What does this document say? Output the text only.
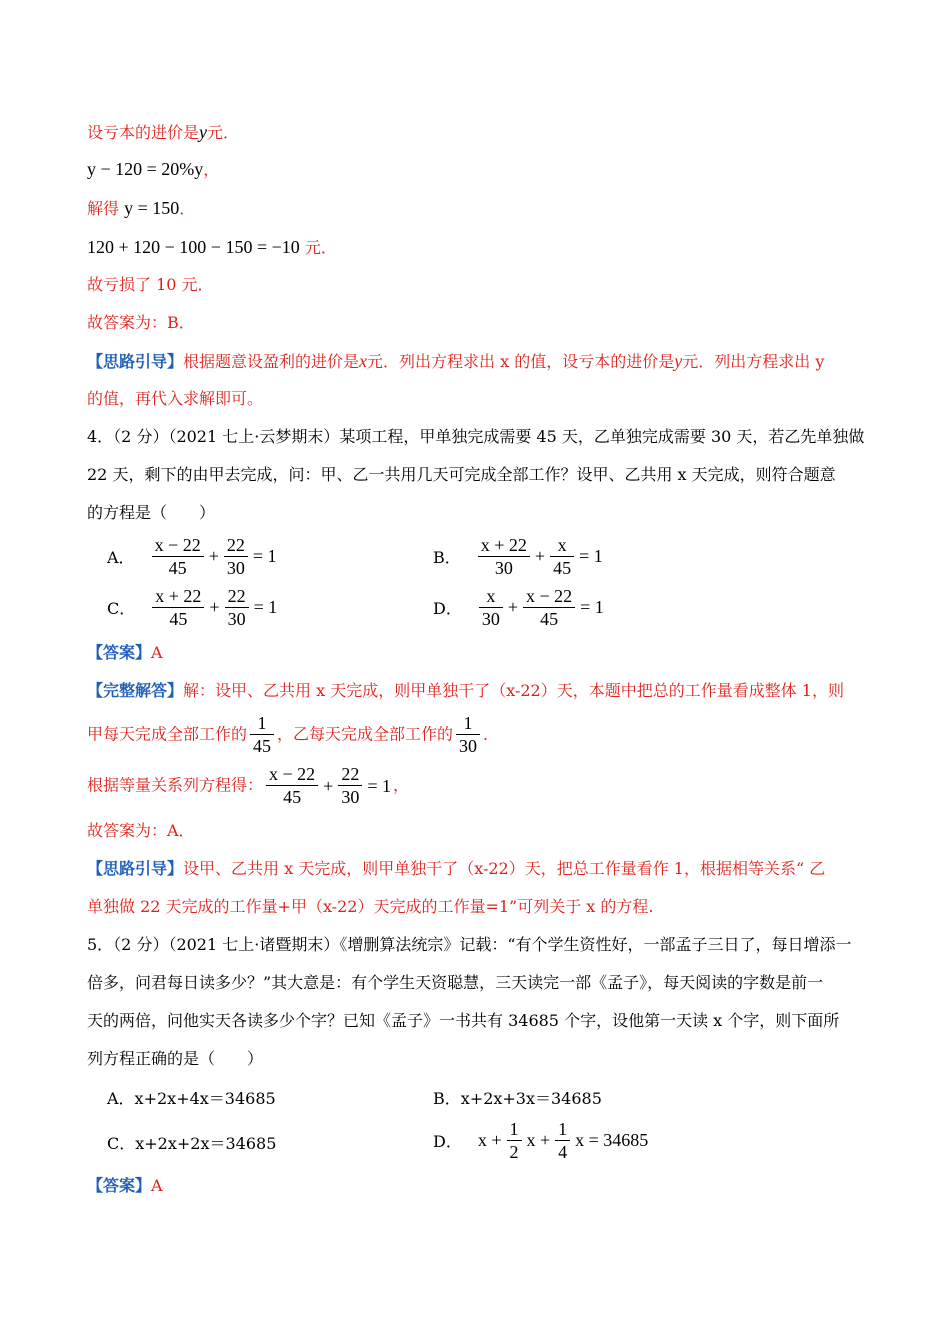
设亏本的进价是y元．
y − 120 = 20%y，
解得 y = 150．
120 + 120 − 100 − 150 = −10 元．
故亏损了 10 元．
故答案为：B．
【思路引导】根据题意设盈利的进价是x元．列出方程求出 x 的值，设亏本的进价是y元．列出方程求出 y
的值，再代入求解即可。
4．（2 分）（2021 七上·云梦期末）某项工程，甲单独完成需要 45 天，乙单独完成需要 30 天，若乙先单独做
22 天，剩下的由甲去完成，问：甲、乙一共用几天可完成全部工作？设甲、乙共用 x 天完成，则符合题意
的方程是（　　）
A． $\frac{x - 22}{45} + \frac{22}{30} = 1$	B． $\frac{x + 22}{30} + \frac{x}{45} = 1$
C． $\frac{x + 22}{45} + \frac{22}{30} = 1$	D． $\frac{x}{30} + \frac{x - 22}{45} = 1$
【答案】A
【完整解答】解：设甲、乙共用 x 天完成，则甲单独干了（x-22）天，本题中把总的工作量看成整体 1，则
甲每天完成全部工作的 $\frac{1}{45}$ ，乙每天完成全部工作的 $\frac{1}{30}$ ．
根据等量关系列方程得： $\frac{x - 22}{45} + \frac{22}{30} = 1$ ，
故答案为：A．
【思路引导】设甲、乙共用 x 天完成，则甲单独干了（x-22）天，把总工作量看作 1，根据相等关系“ 乙
单独做 22 天完成的工作量+甲（x-22）天完成的工作量=1”可列关于 x 的方程.
5．（2 分）（2021 七上·诸暨期末）《增删算法统宗》记载：“有个学生资性好，一部孟子三日了，每日增添一
倍多，问君每日读多少？”其大意是：有个学生天资聪慧，三天读完一部《孟子》，每天阅读的字数是前一
天的两倍，问他实天各读多少个字？已知《孟子》一书共有 34685 个字，设他第一天读 x 个字，则下面所
列方程正确的是（　　）
A．x+2x+4x＝34685	B．x+2x+3x＝34685
C．x+2x+2x＝34685	D． $x + \frac{1}{2}$ $x + \frac{1}{4}$ x = 34685
【答案】A
